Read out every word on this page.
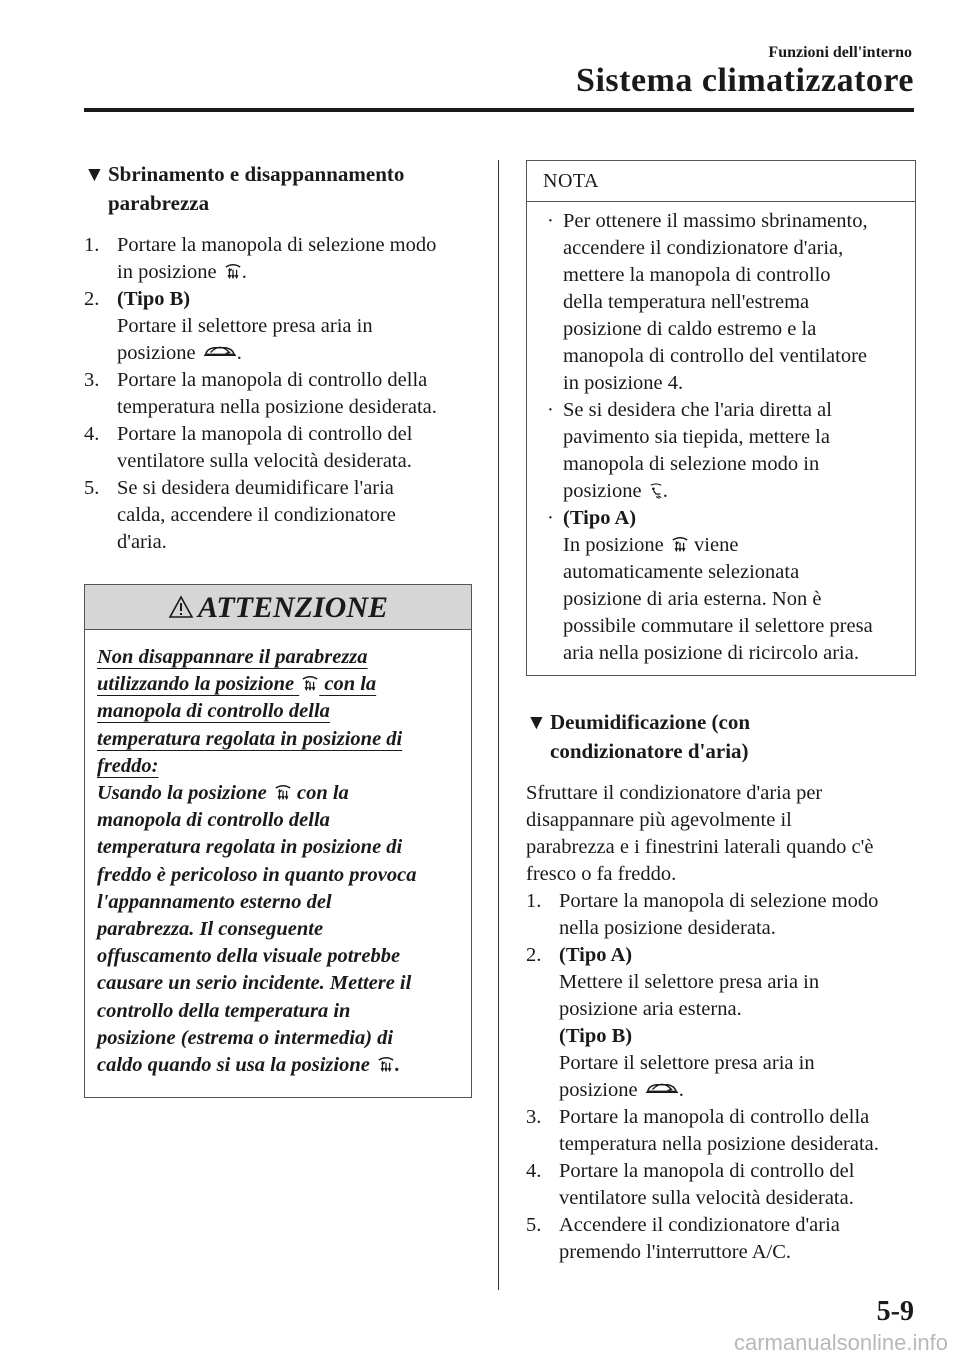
Funzioni dell'interno
Sistema climatizzatore
▼ Sbrinamento e disappannamento
parabrezza
1. Portare la manopola di selezione modo
in posizione .
2. (Tipo B)
Portare il selettore presa aria in
posizione .
3. Portare la manopola di controllo della
temperatura nella posizione desiderata.
4. Portare la manopola di controllo del
ventilatore sulla velocità desiderata.
5. Se si desidera deumidificare l'aria
calda, accendere il condizionatore
d'aria.
ATTENZIONE
Non disappannare il parabrezza
utilizzando la posizione con la
manopola di controllo della
temperatura regolata in posizione di
freddo:
Usando la posizione con la
manopola di controllo della
temperatura regolata in posizione di
freddo è pericoloso in quanto provoca
l'appannamento esterno del
parabrezza. Il conseguente
offuscamento della visuale potrebbe
causare un serio incidente. Mettere il
controllo della temperatura in
posizione (estrema o intermedia) di
caldo quando si usa la posizione .
NOTA
· Per ottenere il massimo sbrinamento,
accendere il condizionatore d'aria,
mettere la manopola di controllo
della temperatura nell'estrema
posizione di caldo estremo e la
manopola di controllo del ventilatore
in posizione 4.
· Se si desidera che l'aria diretta al
pavimento sia tiepida, mettere la
manopola di selezione modo in
posizione .
· (Tipo A)
In posizione viene
automaticamente selezionata
posizione di aria esterna. Non è
possibile commutare il selettore presa
aria nella posizione di ricircolo aria.
▼ Deumidificazione (con
condizionatore d'aria)
Sfruttare il condizionatore d'aria per
disappannare più agevolmente il
parabrezza e i finestrini laterali quando c'è
fresco o fa freddo.
1. Portare la manopola di selezione modo
nella posizione desiderata.
2. (Tipo A)
Mettere il selettore presa aria in
posizione aria esterna.
(Tipo B)
Portare il selettore presa aria in
posizione .
3. Portare la manopola di controllo della
temperatura nella posizione desiderata.
4. Portare la manopola di controllo del
ventilatore sulla velocità desiderata.
5. Accendere il condizionatore d'aria
premendo l'interruttore A/C.
5-9
carmanualsonline.info
